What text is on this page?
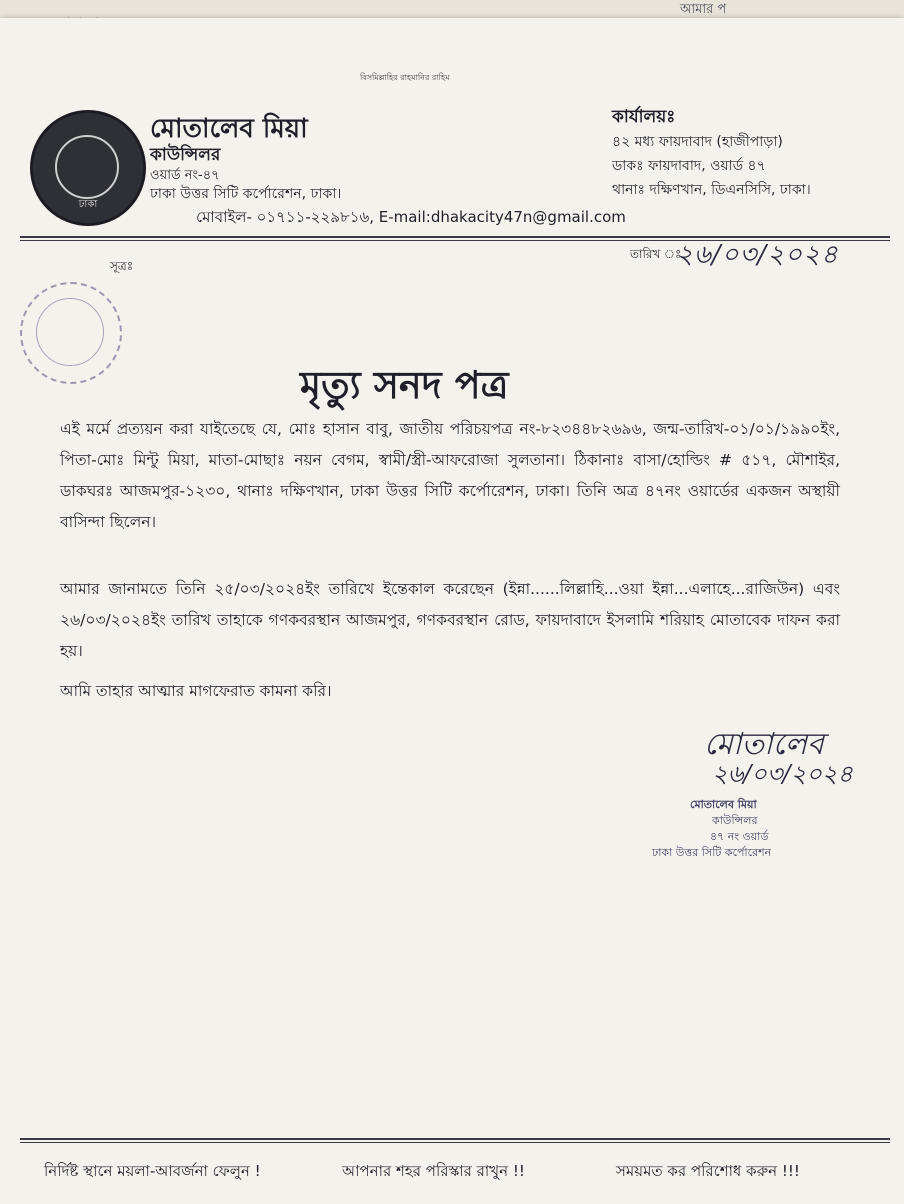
আমার প
বিসমিল্লাহির রাহমানির রাহিম
ঢাকা
মোতালেব মিয়া
কাউন্সিলর
ওয়ার্ড নং-৪৭
ঢাকা উত্তর সিটি কর্পোরেশন, ঢাকা।
মোবাইল- ০১৭১১-২২৯৮১৬, E-mail:dhakacity47n@gmail.com
কার্যালয়ঃ
৪২ মধ্য ফায়দাবাদ (হাজীপাড়া)
ডাকঃ ফায়দাবাদ, ওয়ার্ড ৪৭
থানাঃ দক্ষিণখান, ডিএনসিসি, ঢাকা।
সূত্রঃ
তারিখ ঃ
২৬/০৩/২০২৪
মৃত্যু সনদ পত্র
এই মর্মে প্রত্যয়ন করা যাইতেছে যে, মোঃ হাসান বাবু, জাতীয় পরিচয়পত্র নং-৮২৩৪৪৮২৬৯৬, জন্ম-তারিখ-০১/০১/১৯৯০ইং, পিতা-মোঃ মিন্টু মিয়া, মাতা-মোছাঃ নয়ন বেগম, স্বামী/স্ত্রী-আফরোজা সুলতানা। ঠিকানাঃ বাসা/হোল্ডিং # ৫১৭, মৌশাইর, ডাকঘরঃ আজমপুর-১২৩০, থানাঃ দক্ষিণখান, ঢাকা উত্তর সিটি কর্পোরেশন, ঢাকা। তিনি অত্র ৪৭নং ওয়ার্ডের একজন অস্থায়ী বাসিন্দা ছিলেন।
আমার জানামতে তিনি ২৫/০৩/২০২৪ইং তারিখে ইন্তেকাল করেছেন (ইন্না......লিল্লাহি...ওয়া ইন্না...এলাহে...রাজিউন) এবং ২৬/০৩/২০২৪ইং তারিখ তাহাকে গণকবরস্থান আজমপুর, গণকবরস্থান রোড, ফায়দাবাদে ইসলামি শরিয়াহ মোতাবেক দাফন করা হয়।
আমি তাহার আত্মার মাগফেরাত কামনা করি।
মোতালেব
২৬/০৩/২০২৪
মোতালেব মিয়া
কাউন্সিলর
৪৭ নং ওয়ার্ড
ঢাকা উত্তর সিটি কর্পোরেশন
নির্দিষ্ট স্থানে ময়লা-আবর্জনা ফেলুন !	আপনার শহর পরিস্কার রাখুন !!	সময়মত কর পরিশোধ করুন !!!
